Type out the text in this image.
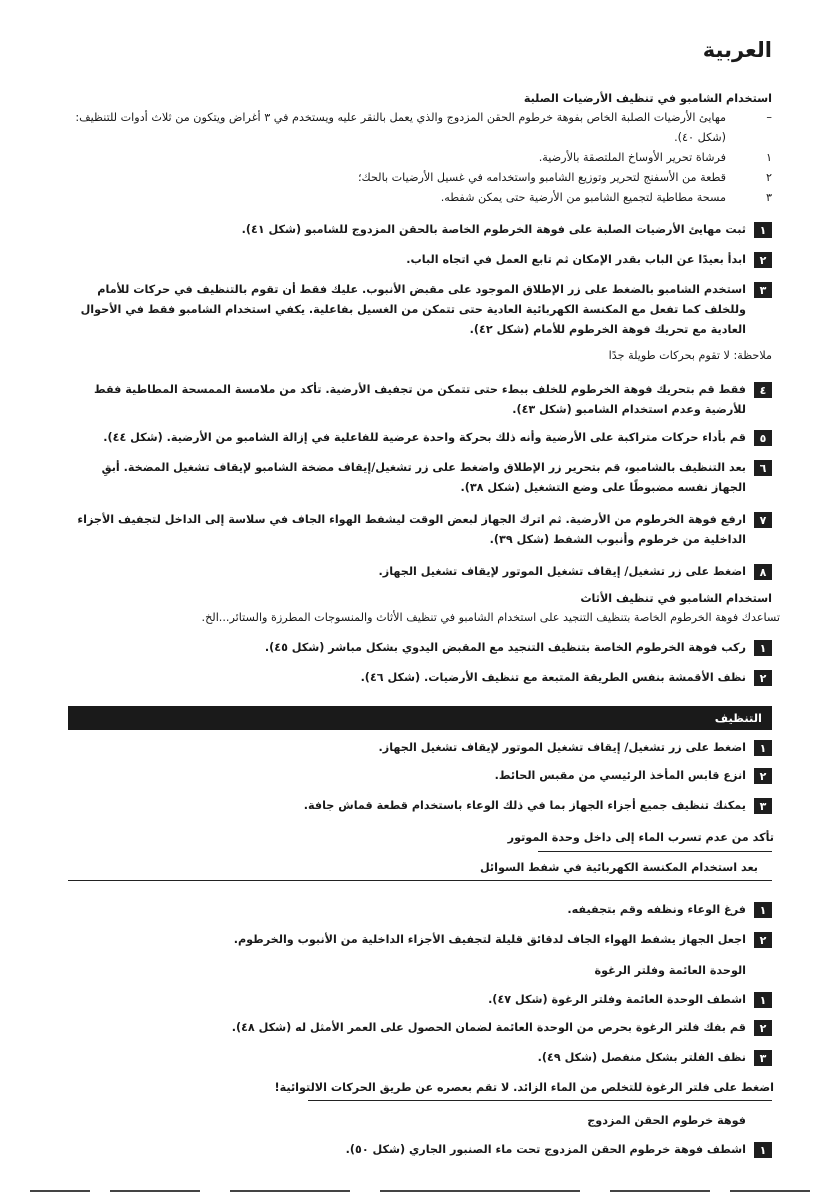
العربية
استخدام الشامبو في تنظيف الأرضيات الصلبة
–
مهايئ الأرضيات الصلبة الخاص بفوهة خرطوم الحقن المزدوج والذي يعمل بالنقر عليه ويستخدم في ٣ أغراض ويتكون من ثلاث أدوات للتنظيف: (شكل ٤٠).
١
فرشاة تحرير الأوساخ الملتصقة بالأرضية.
٢
قطعة من الأسفنج لتحرير وتوزيع الشامبو واستخدامه في غسيل الأرضيات بالحك؛
٣
مسحة مطاطية لتجميع الشامبو من الأرضية حتى يمكن شفطه.
١
ثبت مهايئ الأرضيات الصلبة على فوهة الخرطوم الخاصة بالحقن المزدوج للشامبو (شكل ٤١).
٢
ابدأ بعيدًا عن الباب بقدر الإمكان ثم تابع العمل في اتجاه الباب.
٣
استخدم الشامبو بالضغط على زر الإطلاق الموجود على مقبض الأنبوب. عليك فقط أن تقوم بالتنظيف في حركات للأمام وللخلف كما تفعل مع المكنسة الكهربائية العادية حتى تتمكن من الغسيل بفاعلية. يكفي استخدام الشامبو فقط في الأحوال العادية مع تحريك فوهة الخرطوم للأمام (شكل ٤٢).
ملاحظة: لا تقوم بحركات طويلة جدًا
٤
فقط قم بتحريك فوهة الخرطوم للخلف ببطء حتى تتمكن من تجفيف الأرضية. تأكد من ملامسة الممسحة المطاطية فقط للأرضية وعدم استخدام الشامبو (شكل ٤٣).
٥
قم بأداء حركات متراكبة على الأرضية وأنه ذلك بحركة واحدة عرضية للفاعلية في إزالة الشامبو من الأرضية. (شكل ٤٤).
٦
بعد التنظيف بالشامبو، قم بتحرير زر الإطلاق واضغط على زر تشغيل/إيقاف مضخة الشامبو لإيقاف تشغيل المضخة. أبقِ الجهاز نفسه مضبوطًا على وضع التشغيل (شكل ٣٨).
٧
ارفع فوهة الخرطوم من الأرضية. ثم اترك الجهاز لبعض الوقت ليشفط الهواء الجاف في سلاسة إلى الداخل لتجفيف الأجزاء الداخلية من خرطوم وأنبوب الشفط (شكل ٣٩).
٨
اضغط على زر تشغيل/ إيقاف تشغيل الموتور لإيقاف تشغيل الجهاز.
استخدام الشامبو في تنظيف الأثاث
تساعدك فوهة الخرطوم الخاصة بتنظيف التنجيد على استخدام الشامبو في تنظيف الأثاث والمنسوجات المطرزة والستائر...الخ.
١
ركب فوهة الخرطوم الخاصة بتنظيف التنجيد مع المقبض اليدوي بشكل مباشر (شكل ٤٥).
٢
نظف الأقمشة بنفس الطريقة المتبعة مع تنظيف الأرضيات. (شكل ٤٦).
التنظيف
١
اضغط على زر تشغيل/ إيقاف تشغيل الموتور لإيقاف تشغيل الجهاز.
٢
انزع قابس المأخذ الرئيسي من مقبس الحائط.
٣
يمكنك تنظيف جميع أجزاء الجهاز بما في ذلك الوعاء باستخدام قطعة قماش جافة.
تأكد من عدم تسرب الماء إلى داخل وحدة الموتور
بعد استخدام المكنسة الكهربائية في شفط السوائل
١
فرغ الوعاء ونظفه وقم بتجفيفه.
٢
اجعل الجهاز يشفط الهواء الجاف لدقائق قليلة لتجفيف الأجزاء الداخلية من الأنبوب والخرطوم.
الوحدة العائمة وفلتر الرغوة
١
اشطف الوحدة العائمة وفلتر الرغوة (شكل ٤٧).
٢
قم بفك فلتر الرغوة بحرص من الوحدة العائمة لضمان الحصول على العمر الأمثل له (شكل ٤٨).
٣
نظف الفلتر بشكل منفصل (شكل ٤٩).
اضغط على فلتر الرغوة للتخلص من الماء الزائد. لا تقم بعصره عن طريق الحركات الالتوائية!
فوهة خرطوم الحقن المزدوج
١
اشطف فوهة خرطوم الحقن المزدوج تحت ماء الصنبور الجاري (شكل ٥٠).
